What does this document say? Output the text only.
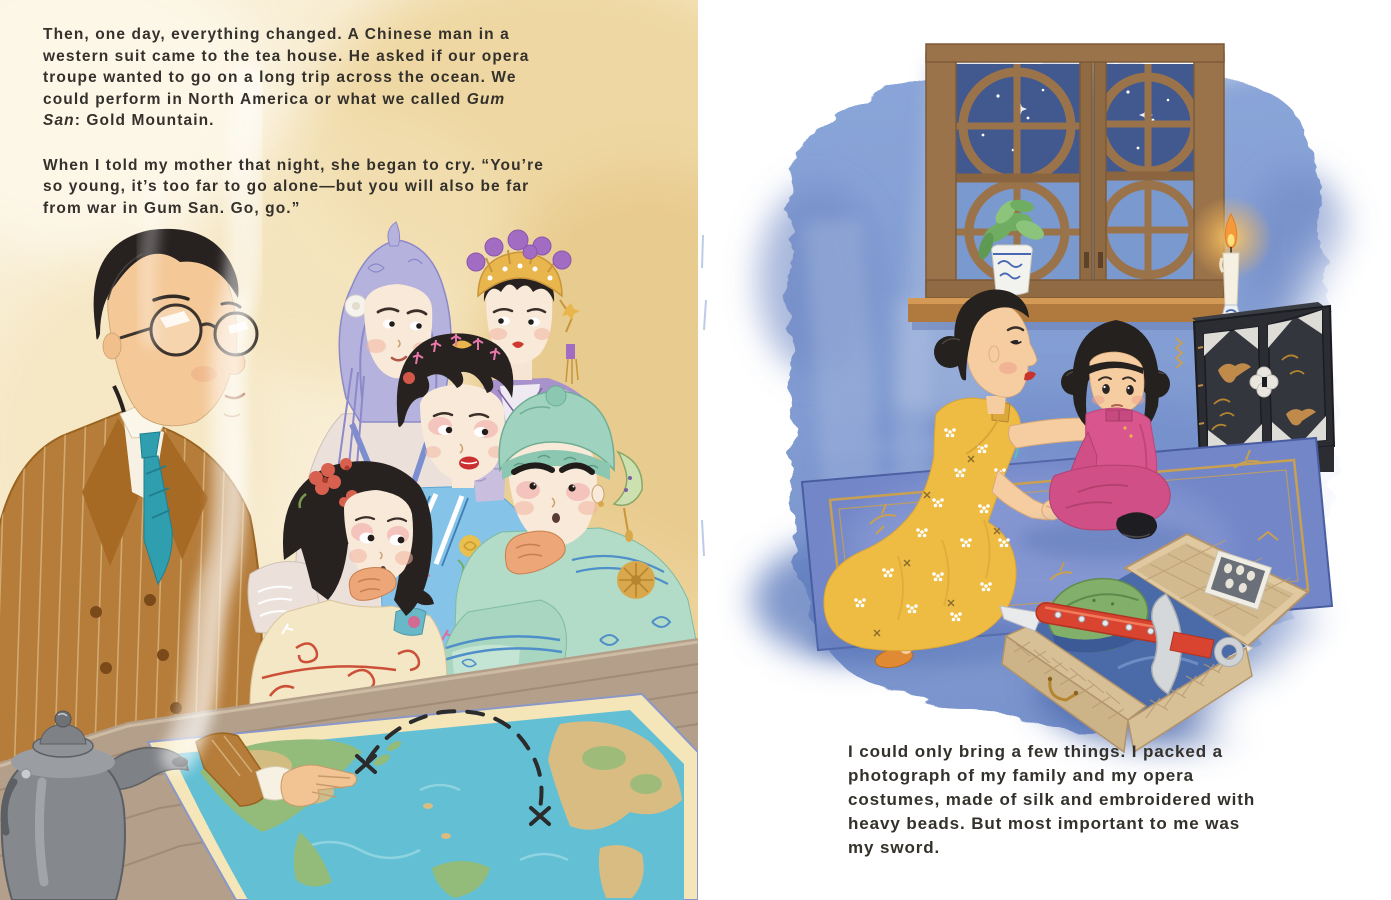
Then, one day, everything changed. A Chinese man in a western suit came to the tea house. He asked if our opera troupe wanted to go on a long trip across the ocean. We could perform in North America or what we called Gum San: Gold Mountain.

When I told my mother that night, she began to cry. “You’re so young, it’s too far to go alone—but you will also be far from war in Gum San. Go, go.”

I could only bring a few things. I packed a photograph of my family and my opera costumes, made of silk and embroidered with heavy beads. But most important to me was my sword.
